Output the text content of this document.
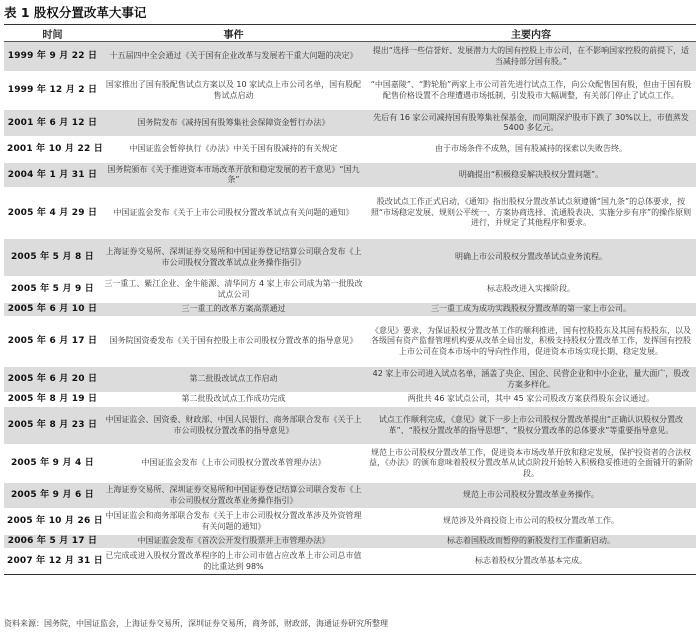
表 1 股权分置改革大事记
时间	事件	主要内容
1999 年 9 月 22 日	十五届四中全会通过《关于国有企业改革与发展若干重大问题的决定》	提出“选择一些信誉好、发展潜力大的国有控股上市公司，在不影响国家控股的前提下，适当减持部分国有股。”
1999 年 12 月 2 日	国家推出了国有股配售试点方案以及 10 家试点上市公司名单，国有股配售试点启动	“中国嘉陵”、“黔轮胎”两家上市公司首先进行试点工作，向公众配售国有股，但由于国有股配售价格设置不合理遭遇市场抵制，引发股市大幅调整，有关部门停止了试点工作。
2001 年 6 月 12 日	国务院发布《减持国有股筹集社会保障资金暂行办法》	先后有 16 家公司减持国有股筹集社保基金，而同期深沪股市下跌了 30%以上，市值蒸发 5400 多亿元。
2001 年 10 月 22 日	中国证监会暂停执行《办法》中关于国有股减持的有关规定	由于市场条件不成熟，国有股减持的探索以失败告终。
2004 年 1 月 31 日	国务院颁布《关于推进资本市场改革开放和稳定发展的若干意见》“国九条”	明确提出“积极稳妥解决股权分置问题”。
2005 年 4 月 29 日	中国证监会发布《关于上市公司股权分置改革试点有关问题的通知》	股改试点工作正式启动，《通知》指出股权分置改革试点须遵循“国九条”的总体要求，按照“市场稳定发展、规则公平统一、方案协商选择、流通股表决、实施分步有序”的操作原则进行，并规定了其他程序和要求。
2005 年 5 月 8 日	上海证券交易所、深圳证券交易所和中国证券登记结算公司联合发布《上市公司股权分置改革试点业务操作指引》	明确上市公司股权分置改革试点业务流程。
2005 年 5 月 9 日	三一重工、紫江企业、金牛能源、清华同方 4 家上市公司成为第一批股改试点公司	标志股改进入实操阶段。
2005 年 6 月 10 日	三一重工的改革方案高票通过	三一重工成为成功实践股权分置改革的第一家上市公司。
2005 年 6 月 17 日	国务院国资委发布《关于国有控股上市公司股权分置改革的指导意见》	《意见》要求，为保证股权分置改革工作的顺利推进，国有控股股东及其国有股股东，以及各级国有资产监督管理机构要从改革全局出发，积极支持股权分置改革工作，发挥国有控股上市公司在资本市场中的导向性作用，促进资本市场实现长期、稳定发展。
2005 年 6 月 20 日	第二批股改试点工作启动	42 家上市公司进入试点名单，涵盖了央企、国企、民营企业和中小企业，量大面广，股改方案多样化。
2005 年 8 月 19 日	第二批股改试点工作成功完成	两批共 46 家试点公司，其中 45 家公司股改方案获得股东会议通过。
2005 年 8 月 23 日	中国证监会、国资委、财政部、中国人民银行、商务部联合发布《关于上市公司股权分置改革的指导意见》	试点工作顺利完成，《意见》就下一步上市公司股权分置改革提出“正确认识股权分置改革”、“股权分置改革的指导思想”、“股权分置改革的总体要求”等重要指导意见。
2005 年 9 月 4 日	中国证监会发布《上市公司股权分置改革管理办法》	规范上市公司股权分置改革工作，促进资本市场改革开放和稳定发展，保护投资者的合法权益，《办法》的颁布意味着股权分置改革从试点阶段开始转入积极稳妥推进的全面铺开的新阶段。
2005 年 9 月 6 日	上海证券交易所、深圳证券交易所和中国证券登记结算公司联合发布《上市公司股权分置改革业务操作指引》	规范上市公司股权分置改革业务操作。
2005 年 10 月 26 日	中国证监会和商务部联合发布《关于上市公司股权分置改革涉及外资管理有关问题的通知》	规范涉及外商投资上市公司的股权分置改革工作。
2006 年 5 月 17 日	中国证监会发布《首次公开发行股票并上市管理办法》	标志着国股改而暂停的新股发行工作重新启动。
2007 年 12 月 31 日	已完成或进入股权分置改革程序的上市公司市值占应改革上市公司总市值的比重达到 98%	标志着股权分置改革基本完成。
资料来源：国务院，中国证监会，上海证券交易所，深圳证券交易所，商务部，财政部，海通证券研究所整理
